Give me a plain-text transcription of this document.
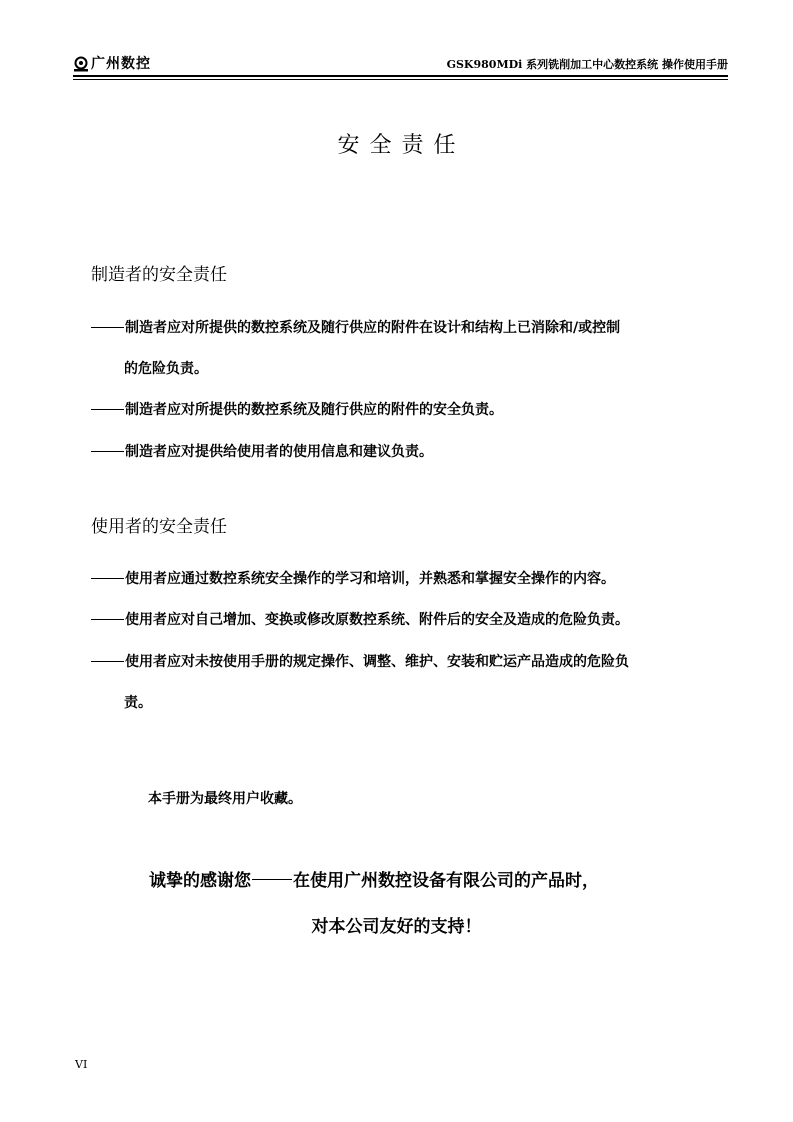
广州数控	GSK980MDi 系列铣削加工中心数控系统 操作使用手册
安全责任
制造者的安全责任
制造者应对所提供的数控系统及随行供应的附件在设计和结构上已消除和/或控制
的危险负责。
制造者应对所提供的数控系统及随行供应的附件的安全负责。
制造者应对提供给使用者的使用信息和建议负责。
使用者的安全责任
使用者应通过数控系统安全操作的学习和培训，并熟悉和掌握安全操作的内容。
使用者应对自己增加、变换或修改原数控系统、附件后的安全及造成的危险负责。
使用者应对未按使用手册的规定操作、调整、维护、安装和贮运产品造成的危险负
责。
本手册为最终用户收藏。
诚挚的感谢您 在使用广州数控设备有限公司的产品时，
对本公司友好的支持！
VI
